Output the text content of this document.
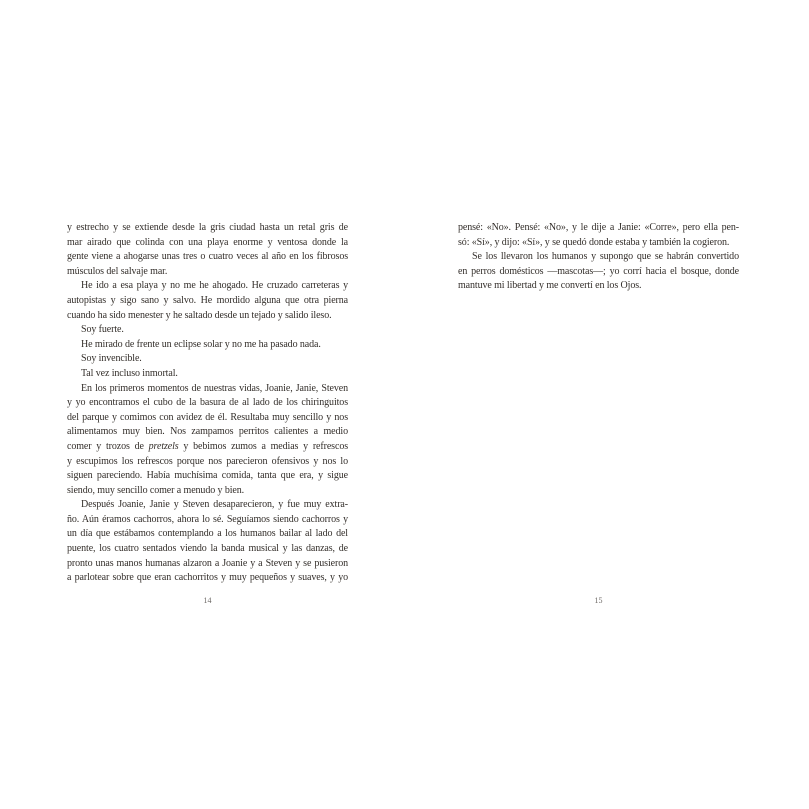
y estrecho y se extiende desde la gris ciudad hasta un retal gris de
mar airado que colinda con una playa enorme y ventosa donde la
gente viene a ahogarse unas tres o cuatro veces al año en los fibrosos
músculos del salvaje mar.
He ido a esa playa y no me he ahogado. He cruzado carreteras y
autopistas y sigo sano y salvo. He mordido alguna que otra pierna
cuando ha sido menester y he saltado desde un tejado y salido ileso.
Soy fuerte.
He mirado de frente un eclipse solar y no me ha pasado nada.
Soy invencible.
Tal vez incluso inmortal.
En los primeros momentos de nuestras vidas, Joanie, Janie, Steven
y yo encontramos el cubo de la basura de al lado de los chiringuitos
del parque y comimos con avidez de él. Resultaba muy sencillo y nos
alimentamos muy bien. Nos zampamos perritos calientes a medio
comer y trozos de pretzels y bebimos zumos a medias y refrescos
y escupimos los refrescos porque nos parecieron ofensivos y nos lo
siguen pareciendo. Había muchísima comida, tanta que era, y sigue
siendo, muy sencillo comer a menudo y bien.
Después Joanie, Janie y Steven desaparecieron, y fue muy extra-
ño. Aún éramos cachorros, ahora lo sé. Seguíamos siendo cachorros y
un día que estábamos contemplando a los humanos bailar al lado del
puente, los cuatro sentados viendo la banda musical y las danzas, de
pronto unas manos humanas alzaron a Joanie y a Steven y se pusieron
a parlotear sobre que eran cachorritos y muy pequeños y suaves, y yo
14
pensé: «No». Pensé: «No», y le dije a Janie: «Corre», pero ella pen-
só: «Sí», y dijo: «Sí», y se quedó donde estaba y también la cogieron.
Se los llevaron los humanos y supongo que se habrán convertido
en perros domésticos —mascotas—; yo corrí hacia el bosque, donde
mantuve mi libertad y me convertí en los Ojos.
15
